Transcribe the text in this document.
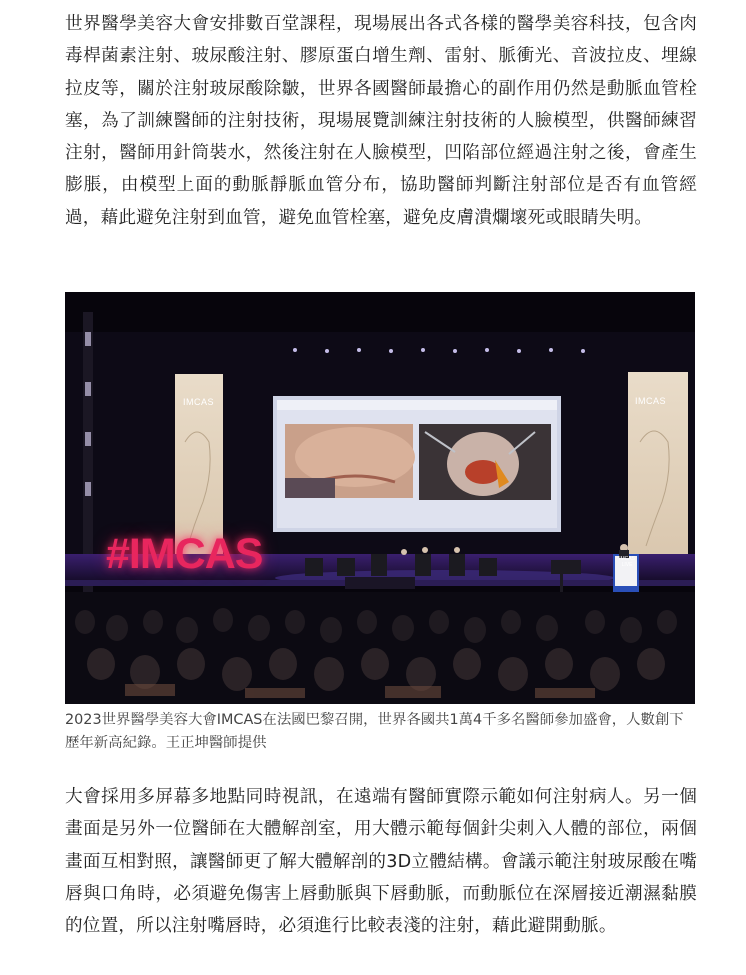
世界醫學美容大會安排數百堂課程，現場展出各式各樣的醫學美容科技，包含肉毒桿菌素注射、玻尿酸注射、膠原蛋白增生劑、雷射、脈衝光、音波拉皮、埋線拉皮等，關於注射玻尿酸除皺，世界各國醫師最擔心的副作用仍然是動脈血管栓塞，為了訓練醫師的注射技術，現場展覽訓練注射技術的人臉模型，供醫師練習注射，醫師用針筒裝水，然後注射在人臉模型，凹陷部位經過注射之後，會產生膨脹，由模型上面的動脈靜脈血管分布，協助醫師判斷注射部位是否有血管經過，藉此避免注射到血管，避免血管栓塞，避免皮膚潰爛壞死或眼睛失明。

#IMCAS
IMCAS	IMCAS
IMCAS LIVE

2023世界醫學美容大會IMCAS在法國巴黎召開，世界各國共1萬4千多名醫師參加盛會，人數創下歷年新高紀錄。王正坤醫師提供

大會採用多屏幕多地點同時視訊，在遠端有醫師實際示範如何注射病人。另一個畫面是另外一位醫師在大體解剖室，用大體示範每個針尖刺入人體的部位，兩個畫面互相對照，讓醫師更了解大體解剖的3D立體結構。會議示範注射玻尿酸在嘴唇與口角時，必須避免傷害上唇動脈與下唇動脈，而動脈位在深層接近潮濕黏膜的位置，所以注射嘴唇時，必須進行比較表淺的注射，藉此避開動脈。
